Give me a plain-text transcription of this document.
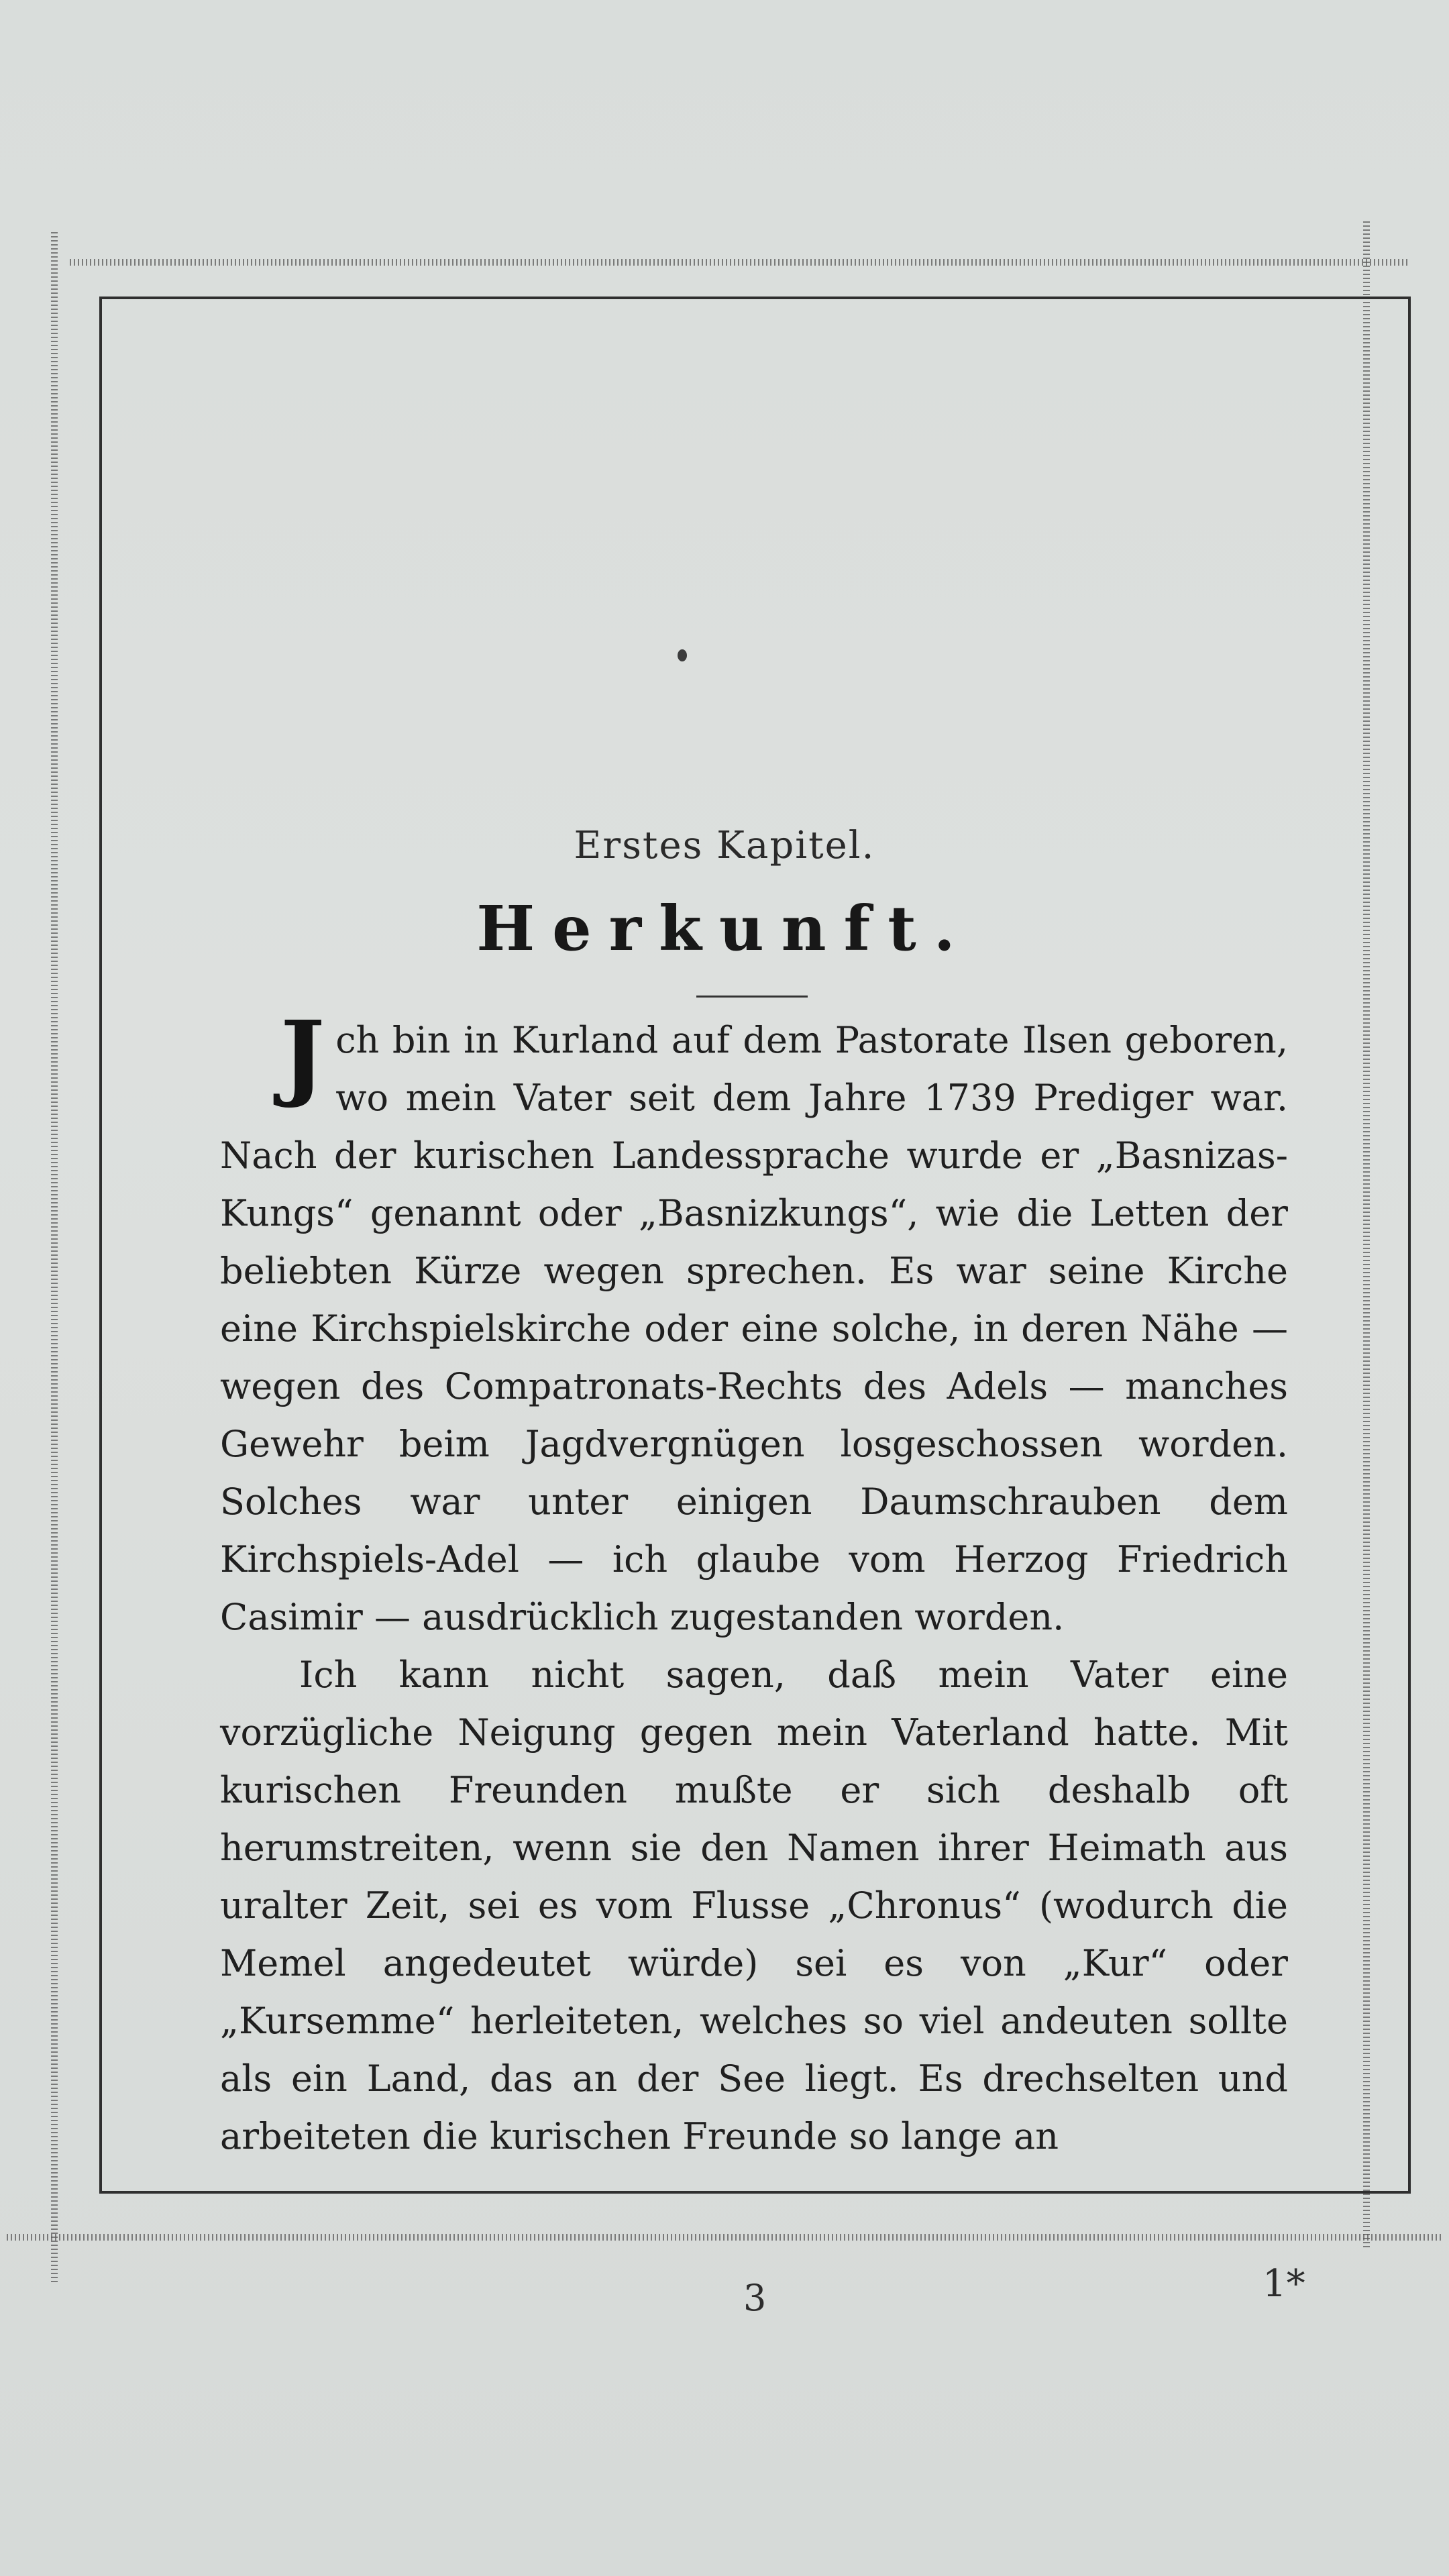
Erstes Kapitel.
Herkunft.

Jch bin in Kurland auf dem Pastorate Ilsen geboren, wo mein Vater seit dem Jahre 1739 Prediger war. Nach der kurischen Landessprache wurde er „Basnizas-Kungs“ genannt oder „Basnizkungs“, wie die Letten der beliebten Kürze wegen sprechen. Es war seine Kirche eine Kirchspielskirche oder eine solche, in deren Nähe — wegen des Compatronats-Rechts des Adels — manches Gewehr beim Jagdvergnügen losgeschossen worden. Solches war unter einigen Daumschrauben dem Kirchspiels-Adel — ich glaube vom Herzog Friedrich Casimir — ausdrücklich zugestanden worden.

Ich kann nicht sagen, daß mein Vater eine vorzügliche Neigung gegen mein Vaterland hatte. Mit kurischen Freunden mußte er sich deshalb oft herumstreiten, wenn sie den Namen ihrer Heimath aus uralter Zeit, sei es vom Flusse „Chronus“ (wodurch die Memel angedeutet würde) sei es von „Kur“ oder „Kursemme“ herleiteten, welches so viel andeuten sollte als ein Land, das an der See liegt. Es drechselten und arbeiteten die kurischen Freunde so lange an

3	1*
